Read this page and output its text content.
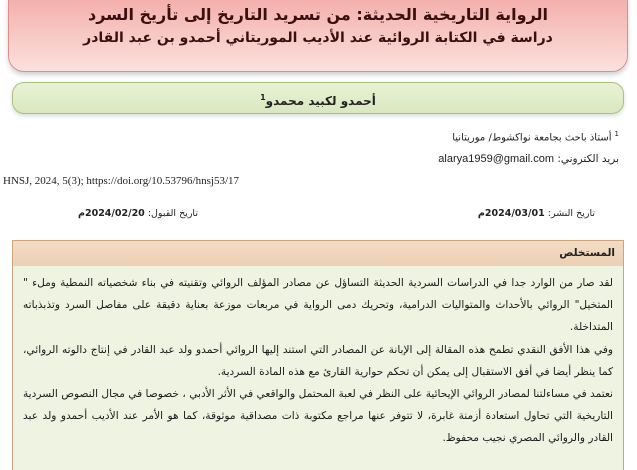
الرواية التاريخية الحديثة: من تسريد التاريخ إلى تأريخ السرد
دراسة في الكتابة الروائية عند الأديب الموريتاني أحمدو بن عبد القادر
أحمدو لكبيد محمدو$^1$
$^1$أستاذ باحث بجامعة نواكشوط/ موريتانيا
بريد الكتروني: alarya1959@gmail.com
HNSJ, 2024, 5(3); https://doi.org/10.53796/hnsj53/17
تاريخ النشر: 2024/03/01م
تاريخ القبول: 2024/02/20م
المستخلص

لقد صار من الوارد جدا في الدراسات السردية الحديثة التساؤل عن مصادر المؤلف الروائي وتقنيته في بناء شخصياته النمطية وملء " المتخيل" الروائي بالأحداث والمتواليات الدرامية، وتحريك دمى الرواية في مربعات موزعة بعناية دقيقة على مفاصل السرد وتذبذباته المتداخلة.

وفي هذا الأفق النقدي تطمح هذه المقالة إلى الإبانة عن المصادر التي استند إليها الروائي أحمدو ولد عبد القادر في إنتاج دالوته الروائي، كما ينظر أيضا في أفق الاستقبال إلى يمكن أن تحكم حوارية القارئ مع هذه المادة السردية.

نعتمد في مساءلتنا لمصادر الروائي الإيحائية على النظر في لعبة المحتمل والواقعي في الأثر الأدبي ، خصوصا في مجال النصوص السردية التاريخية التي تحاول استعادة أزمنة غابرة، لا تتوفر عنها مراجع مكتوبة ذات مصداقية موثوقة، كما هو الأمر عند الأديب أحمدو ولد عبد القادر والروائي المصري نجيب محفوظ.
